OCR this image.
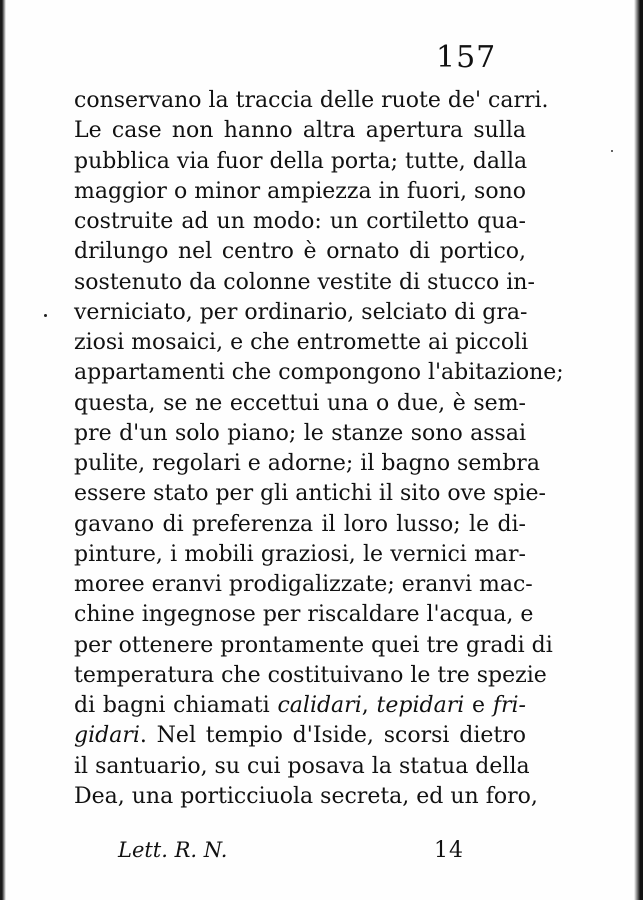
157
conservano la traccia delle ruote de' carri.
Le case non hanno altra apertura sulla
pubblica via fuor della porta; tutte, dalla
maggior o minor ampiezza in fuori, sono
costruite ad un modo: un cortiletto qua-
drilungo nel centro è ornato di portico,
sostenuto da colonne vestite di stucco in-
verniciato, per ordinario, selciato di gra-
ziosi mosaici, e che entromette ai piccoli
appartamenti che compongono l'abitazione;
questa, se ne eccettui una o due, è sem-
pre d'un solo piano; le stanze sono assai
pulite, regolari e adorne; il bagno sembra
essere stato per gli antichi il sito ove spie-
gavano di preferenza il loro lusso; le di-
pinture, i mobili graziosi, le vernici mar-
moree eranvi prodigalizzate; eranvi mac-
chine ingegnose per riscaldare l'acqua, e
per ottenere prontamente quei tre gradi di
temperatura che costituivano le tre spezie
di bagni chiamati calidari, tepidari e fri-
gidari. Nel tempio d'Iside, scorsi dietro
il santuario, su cui posava la statua della
Dea, una porticciuola secreta, ed un foro,
Lett. R. N.	14
